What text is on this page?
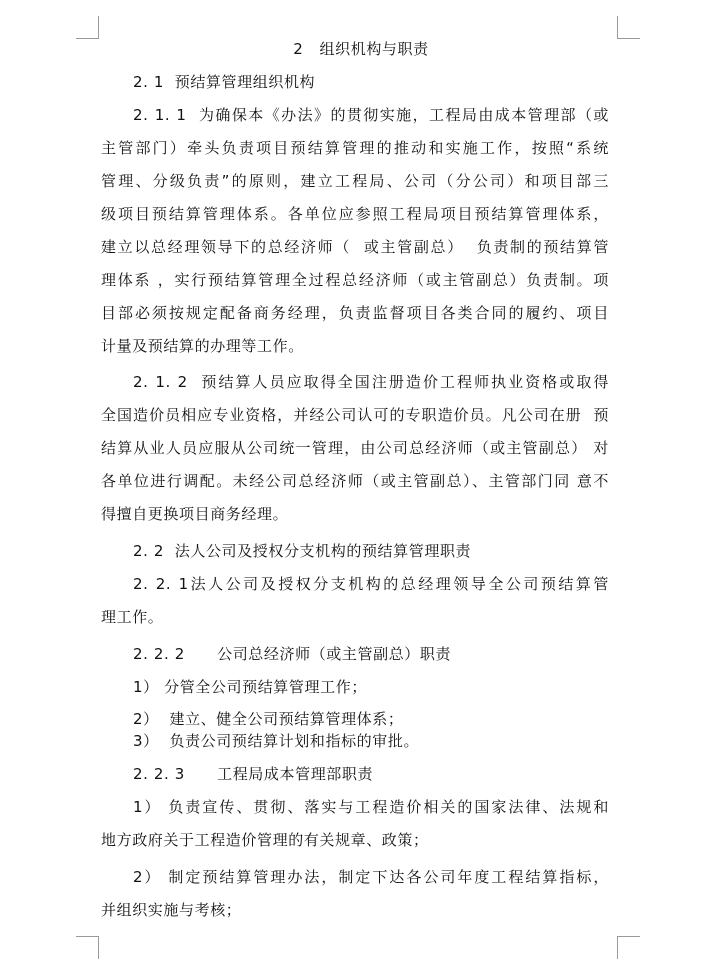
2   组织机构与职责
2. 1  预结算管理组织机构
2. 1. 1  为确保本《办法》的贯彻实施，工程局由成本管理部（或
主管部门）牵头负责项目预结算管理的推动和实施工作，按照“系统
管理、分级负责”的原则，建立工程局、公司（分公司）和项目部三
级项目预结算管理体系。各单位应参照工程局项目预结算管理体系，
建立以总经理领导下的总经济师（  或主管副总）  负责制的预结算管
理体系 ，实行预结算管理全过程总经济师（或主管副总）负责制。项
目部必须按规定配备商务经理，负责监督项目各类合同的履约、项目
计量及预结算的办理等工作。
2. 1. 2  预结算人员应取得全国注册造价工程师执业资格或取得
全国造价员相应专业资格，并经公司认可的专职造价员。凡公司在册  预
结算从业人员应服从公司统一管理，由公司总经济师（或主管副总） 对
各单位进行调配。未经公司总经济师（或主管副总）、主管部门同 意不
得擅自更换项目商务经理。
2. 2  法人公司及授权分支机构的预结算管理职责
2. 2. 1法人公司及授权分支机构的总经理领导全公司预结算管
理工作。
2. 2. 2      公司总经济师（或主管副总）职责
1） 分管全公司预结算管理工作；
2）  建立、健全公司预结算管理体系；
3）  负责公司预结算计划和指标的审批。
2. 2. 3      工程局成本管理部职责
1） 负责宣传、贯彻、落实与工程造价相关的国家法律、法规和
地方政府关于工程造价管理的有关规章、政策；
2） 制定预结算管理办法，制定下达各公司年度工程结算指标，
并组织实施与考核；
